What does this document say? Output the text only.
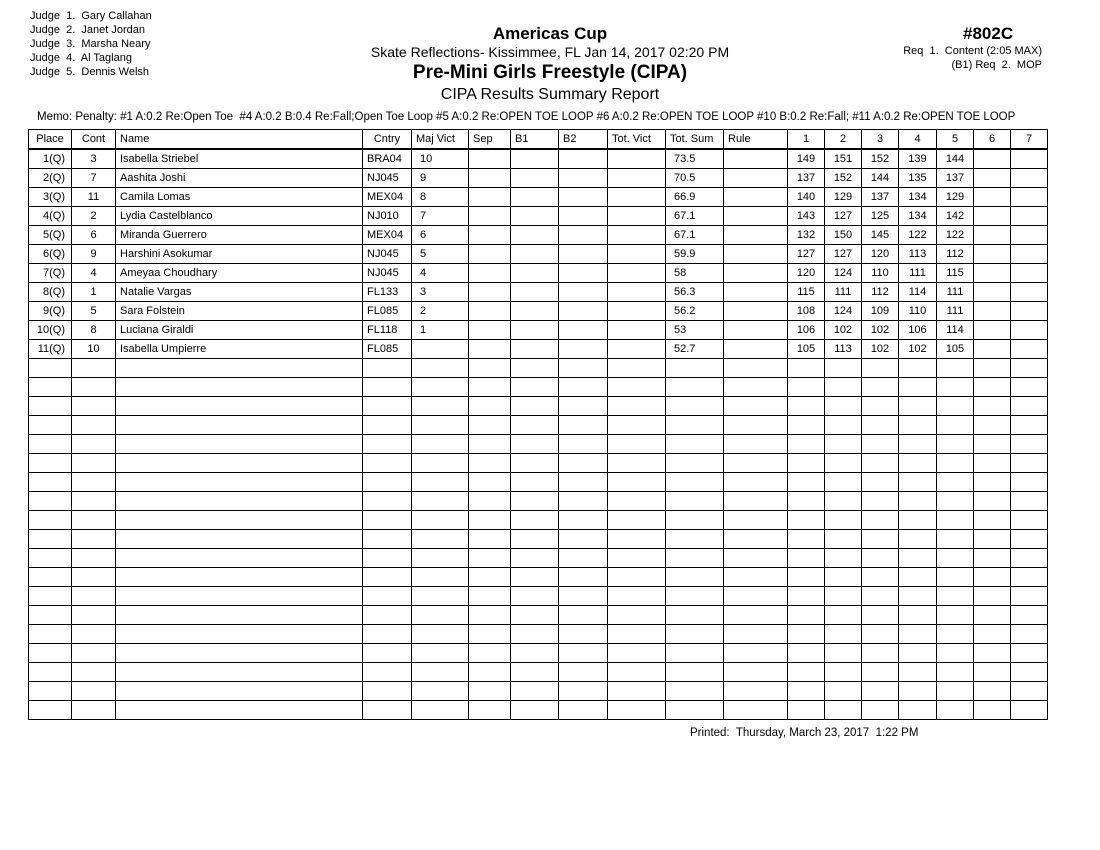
Judge  1.  Gary Callahan
Judge  2.  Janet Jordan
Judge  3.  Marsha Neary
Judge  4.  Al Taglang
Judge  5.  Dennis Welsh
Americas Cup
Skate Reflections- Kissimmee, FL Jan 14, 2017 02:20 PM
Pre-Mini Girls Freestyle (CIPA)
CIPA Results Summary Report
#802C
Req  1.  Content (2:05 MAX)
(B1) Req  2.  MOP
Memo: Penalty: #1 A:0.2 Re:Open Toe  #4 A:0.2 B:0.4 Re:Fall;Open Toe Loop #5 A:0.2 Re:OPEN TOE LOOP #6 A:0.2 Re:OPEN TOE LOOP #10 B:0.2 Re:Fall; #11 A:0.2 Re:OPEN TOE LOOP
Place	Cont	Name	Cntry	Maj Vict	Sep	B1	B2	Tot. Vict	Tot. Sum	Rule	1	2	3	4	5	6	7
1(Q)	3	Isabella Striebel	BRA04	10					73.5		149	151	152	139	144		
2(Q)	7	Aashita Joshi	NJ045	9					70.5		137	152	144	135	137		
3(Q)	11	Camila Lomas	MEX04	8					66.9		140	129	137	134	129		
4(Q)	2	Lydia Castelblanco	NJ010	7					67.1		143	127	125	134	142		
5(Q)	6	Miranda Guerrero	MEX04	6					67.1		132	150	145	122	122		
6(Q)	9	Harshini Asokumar	NJ045	5					59.9		127	127	120	113	112		
7(Q)	4	Ameyaa Choudhary	NJ045	4					58		120	124	110	111	115		
8(Q)	1	Natalie Vargas	FL133	3					56.3		115	111	112	114	111		
9(Q)	5	Sara Folstein	FL085	2					56.2		108	124	109	110	111		
10(Q)	8	Luciana Giraldi	FL118	1					53		106	102	102	106	114		
11(Q)	10	Isabella Umpierre	FL085						52.7		105	113	102	102	105		

Printed:  Thursday, March 23, 2017  1:22 PM
